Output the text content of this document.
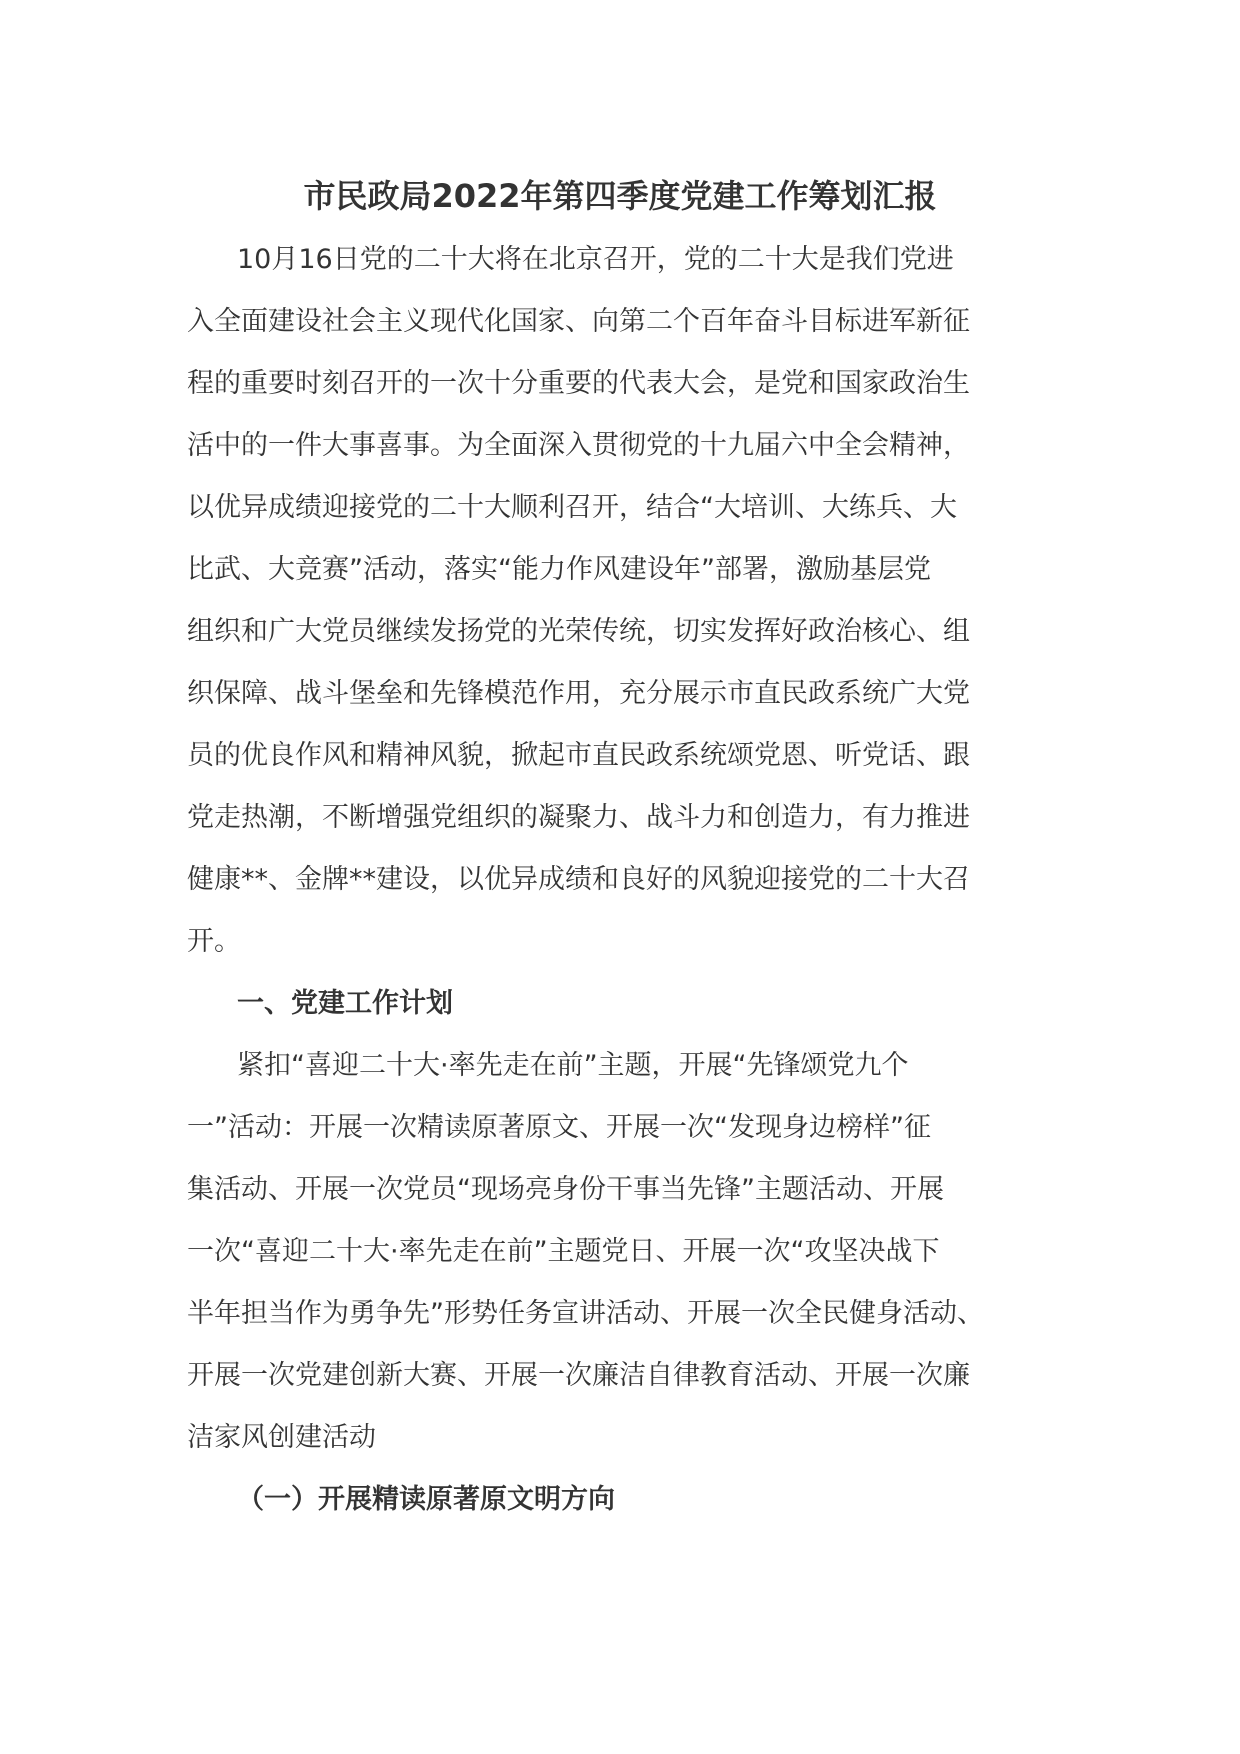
市民政局2022年第四季度党建工作筹划汇报
10月16日党的二十大将在北京召开，党的二十大是我们党进
入全面建设社会主义现代化国家、向第二个百年奋斗目标进军新征
程的重要时刻召开的一次十分重要的代表大会，是党和国家政治生
活中的一件大事喜事。为全面深入贯彻党的十九届六中全会精神，
以优异成绩迎接党的二十大顺利召开，结合“大培训、大练兵、大
比武、大竞赛”活动，落实“能力作风建设年”部署，激励基层党
组织和广大党员继续发扬党的光荣传统，切实发挥好政治核心、组
织保障、战斗堡垒和先锋模范作用，充分展示市直民政系统广大党
员的优良作风和精神风貌，掀起市直民政系统颂党恩、听党话、跟
党走热潮，不断增强党组织的凝聚力、战斗力和创造力，有力推进
健康**、金牌**建设，以优异成绩和良好的风貌迎接党的二十大召
开。
一、党建工作计划
紧扣“喜迎二十大·率先走在前”主题，开展“先锋颂党九个
一”活动：开展一次精读原著原文、开展一次“发现身边榜样”征
集活动、开展一次党员“现场亮身份干事当先锋”主题活动、开展
一次“喜迎二十大·率先走在前”主题党日、开展一次“攻坚决战下
半年担当作为勇争先”形势任务宣讲活动、开展一次全民健身活动、
开展一次党建创新大赛、开展一次廉洁自律教育活动、开展一次廉
洁家风创建活动
（一）开展精读原著原文明方向
